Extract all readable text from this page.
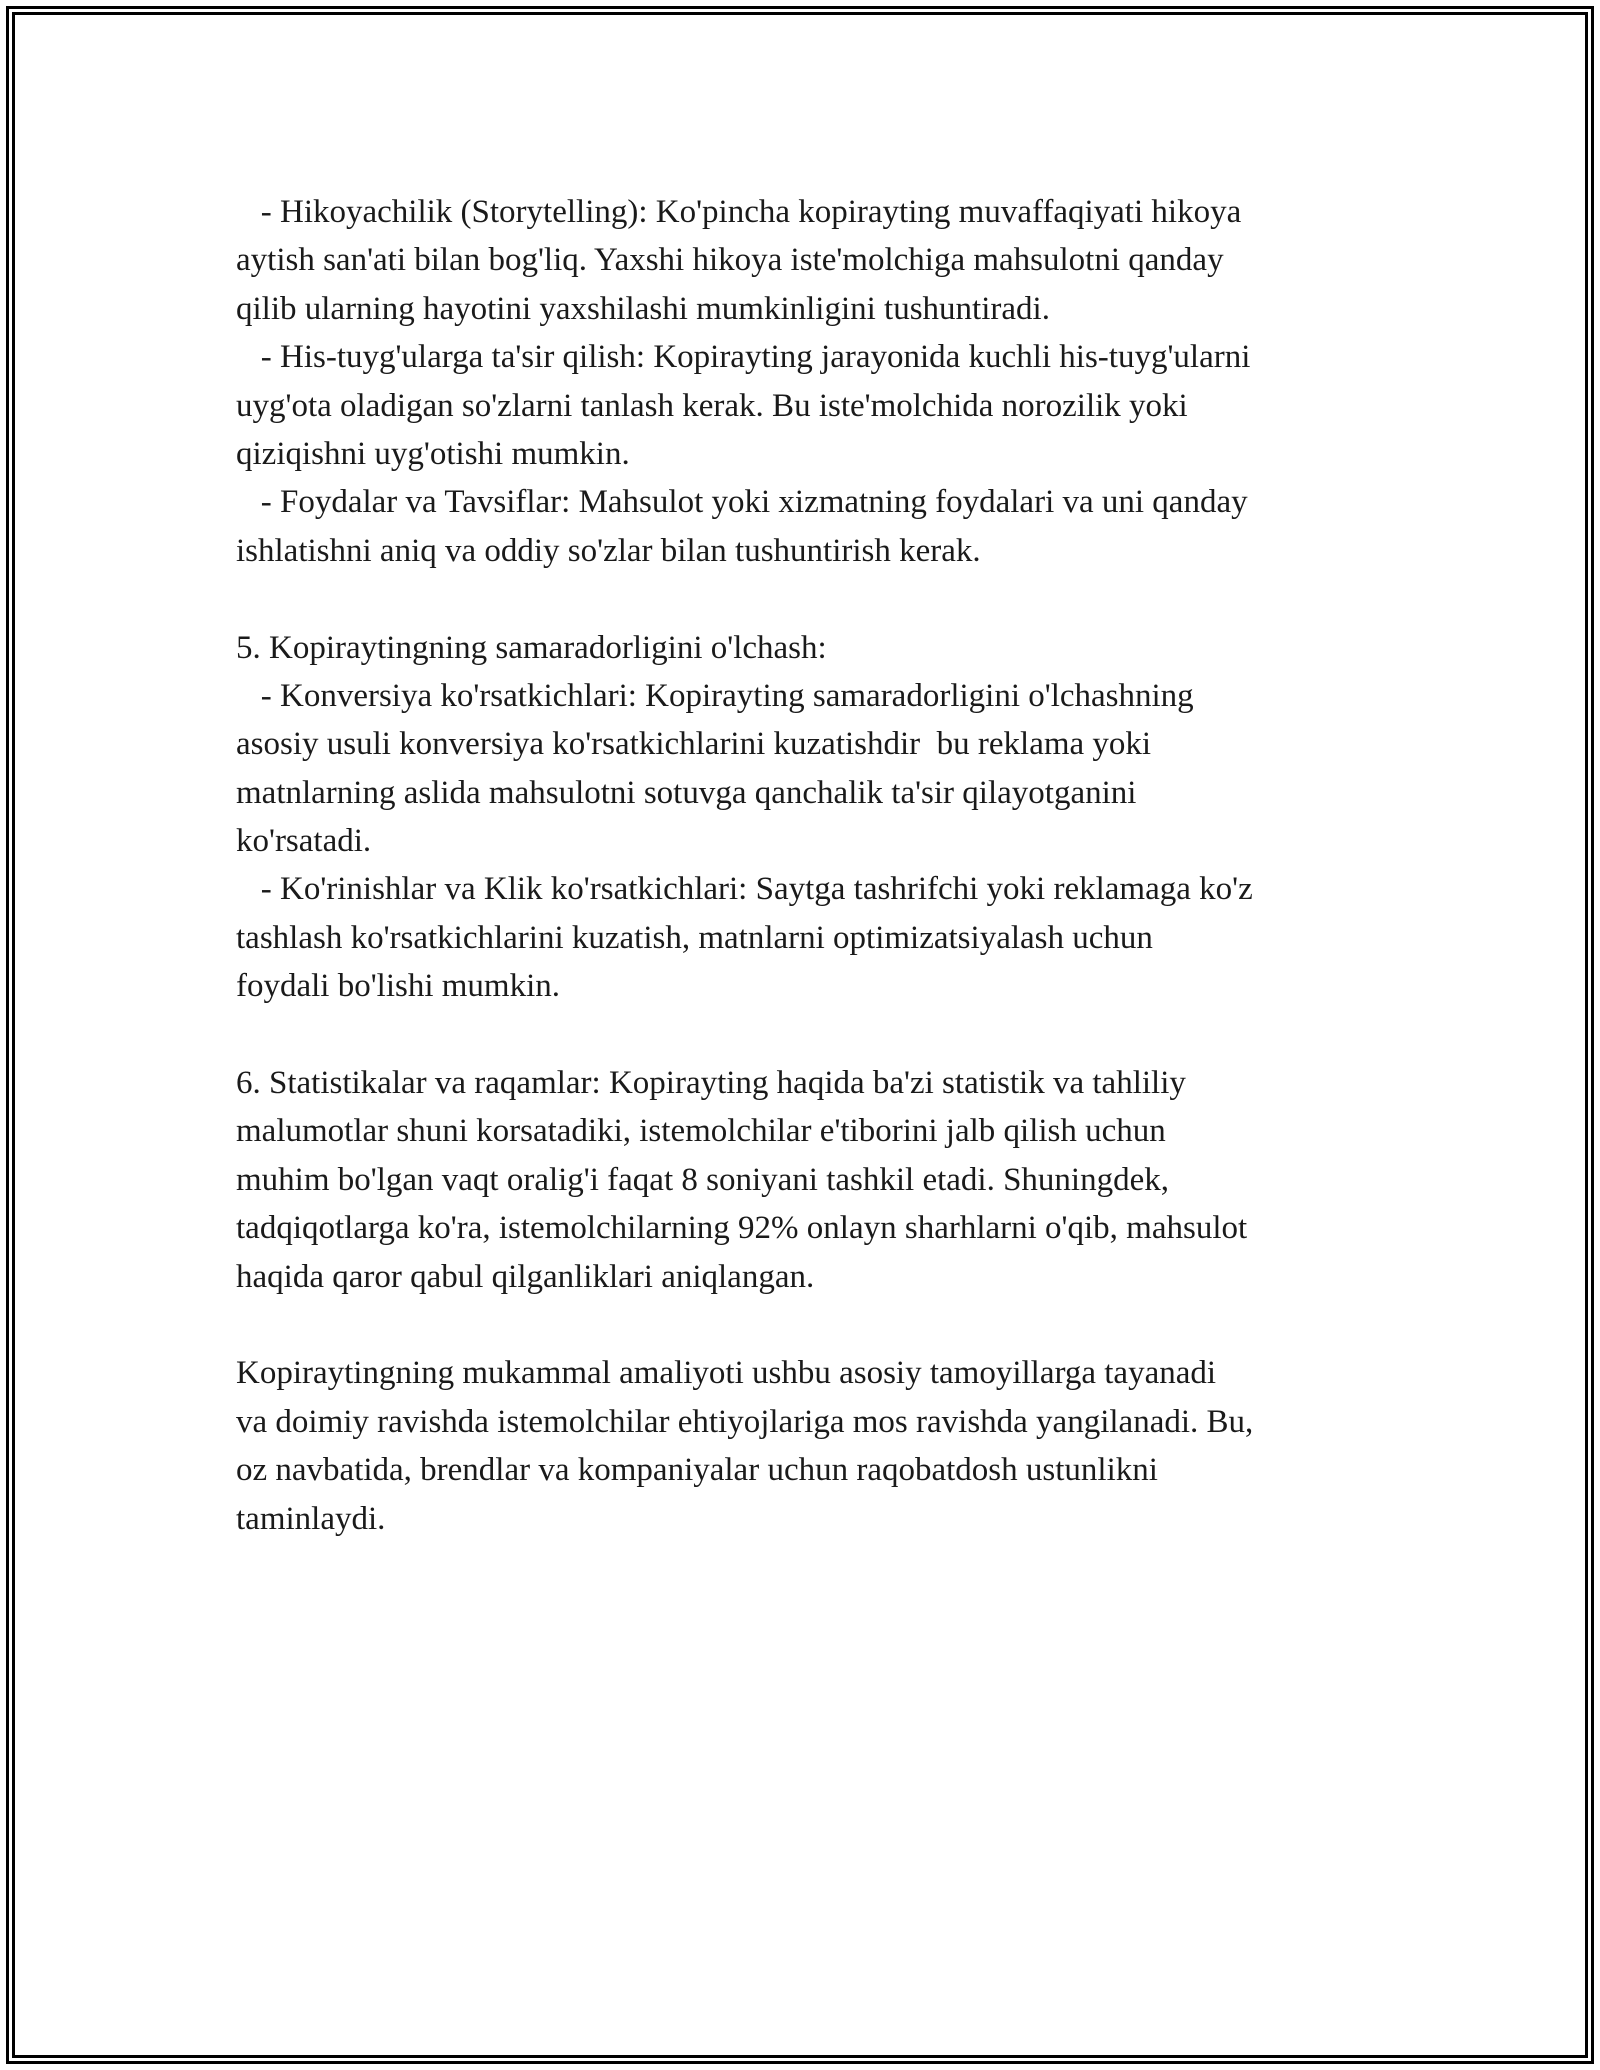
- Hikoyachilik (Storytelling): Ko'pincha kopirayting muvaffaqiyati hikoya
aytish san'ati bilan bog'liq. Yaxshi hikoya iste'molchiga mahsulotni qanday
qilib ularning hayotini yaxshilashi mumkinligini tushuntiradi.
- His-tuyg'ularga ta'sir qilish: Kopirayting jarayonida kuchli his-tuyg'ularni
uyg'ota oladigan so'zlarni tanlash kerak. Bu iste'molchida norozilik yoki
qiziqishni uyg'otishi mumkin.
- Foydalar va Tavsiflar: Mahsulot yoki xizmatning foydalari va uni qanday
ishlatishni aniq va oddiy so'zlar bilan tushuntirish kerak.
5. Kopiraytingning samaradorligini o'lchash:
- Konversiya ko'rsatkichlari: Kopirayting samaradorligini o'lchashning
asosiy usuli konversiya ko'rsatkichlarini kuzatishdir  bu reklama yoki
matnlarning aslida mahsulotni sotuvga qanchalik ta'sir qilayotganini
ko'rsatadi.
- Ko'rinishlar va Klik ko'rsatkichlari: Saytga tashrifchi yoki reklamaga ko'z
tashlash ko'rsatkichlarini kuzatish, matnlarni optimizatsiyalash uchun
foydali bo'lishi mumkin.
6. Statistikalar va raqamlar: Kopirayting haqida ba'zi statistik va tahliliy
malumotlar shuni korsatadiki, istemolchilar e'tiborini jalb qilish uchun
muhim bo'lgan vaqt oralig'i faqat 8 soniyani tashkil etadi. Shuningdek,
tadqiqotlarga ko'ra, istemolchilarning 92% onlayn sharhlarni o'qib, mahsulot
haqida qaror qabul qilganliklari aniqlangan.
Kopiraytingning mukammal amaliyoti ushbu asosiy tamoyillarga tayanadi
va doimiy ravishda istemolchilar ehtiyojlariga mos ravishda yangilanadi. Bu,
oz navbatida, brendlar va kompaniyalar uchun raqobatdosh ustunlikni
taminlaydi.
